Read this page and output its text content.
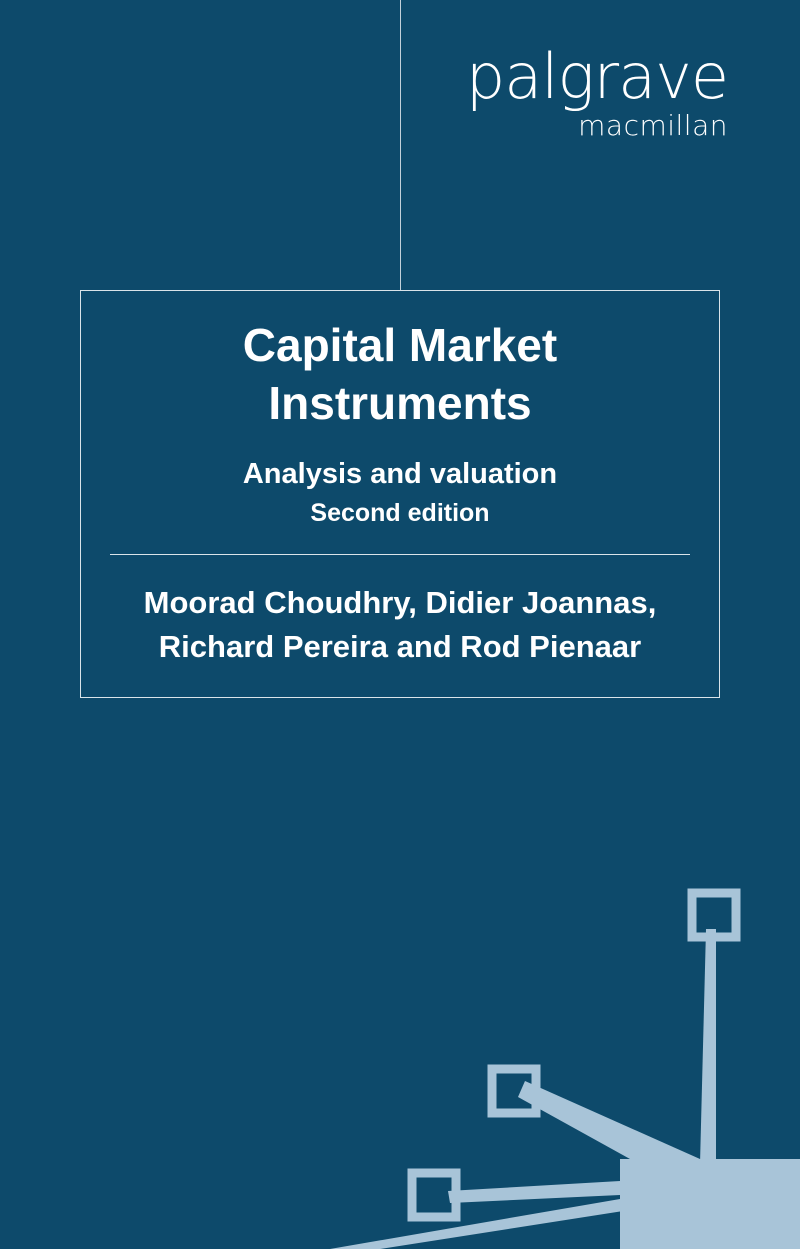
palgrave
macmillan
Capital Market
Instruments
Analysis and valuation
Second edition
Moorad Choudhry, Didier Joannas,
Richard Pereira and Rod Pienaar
